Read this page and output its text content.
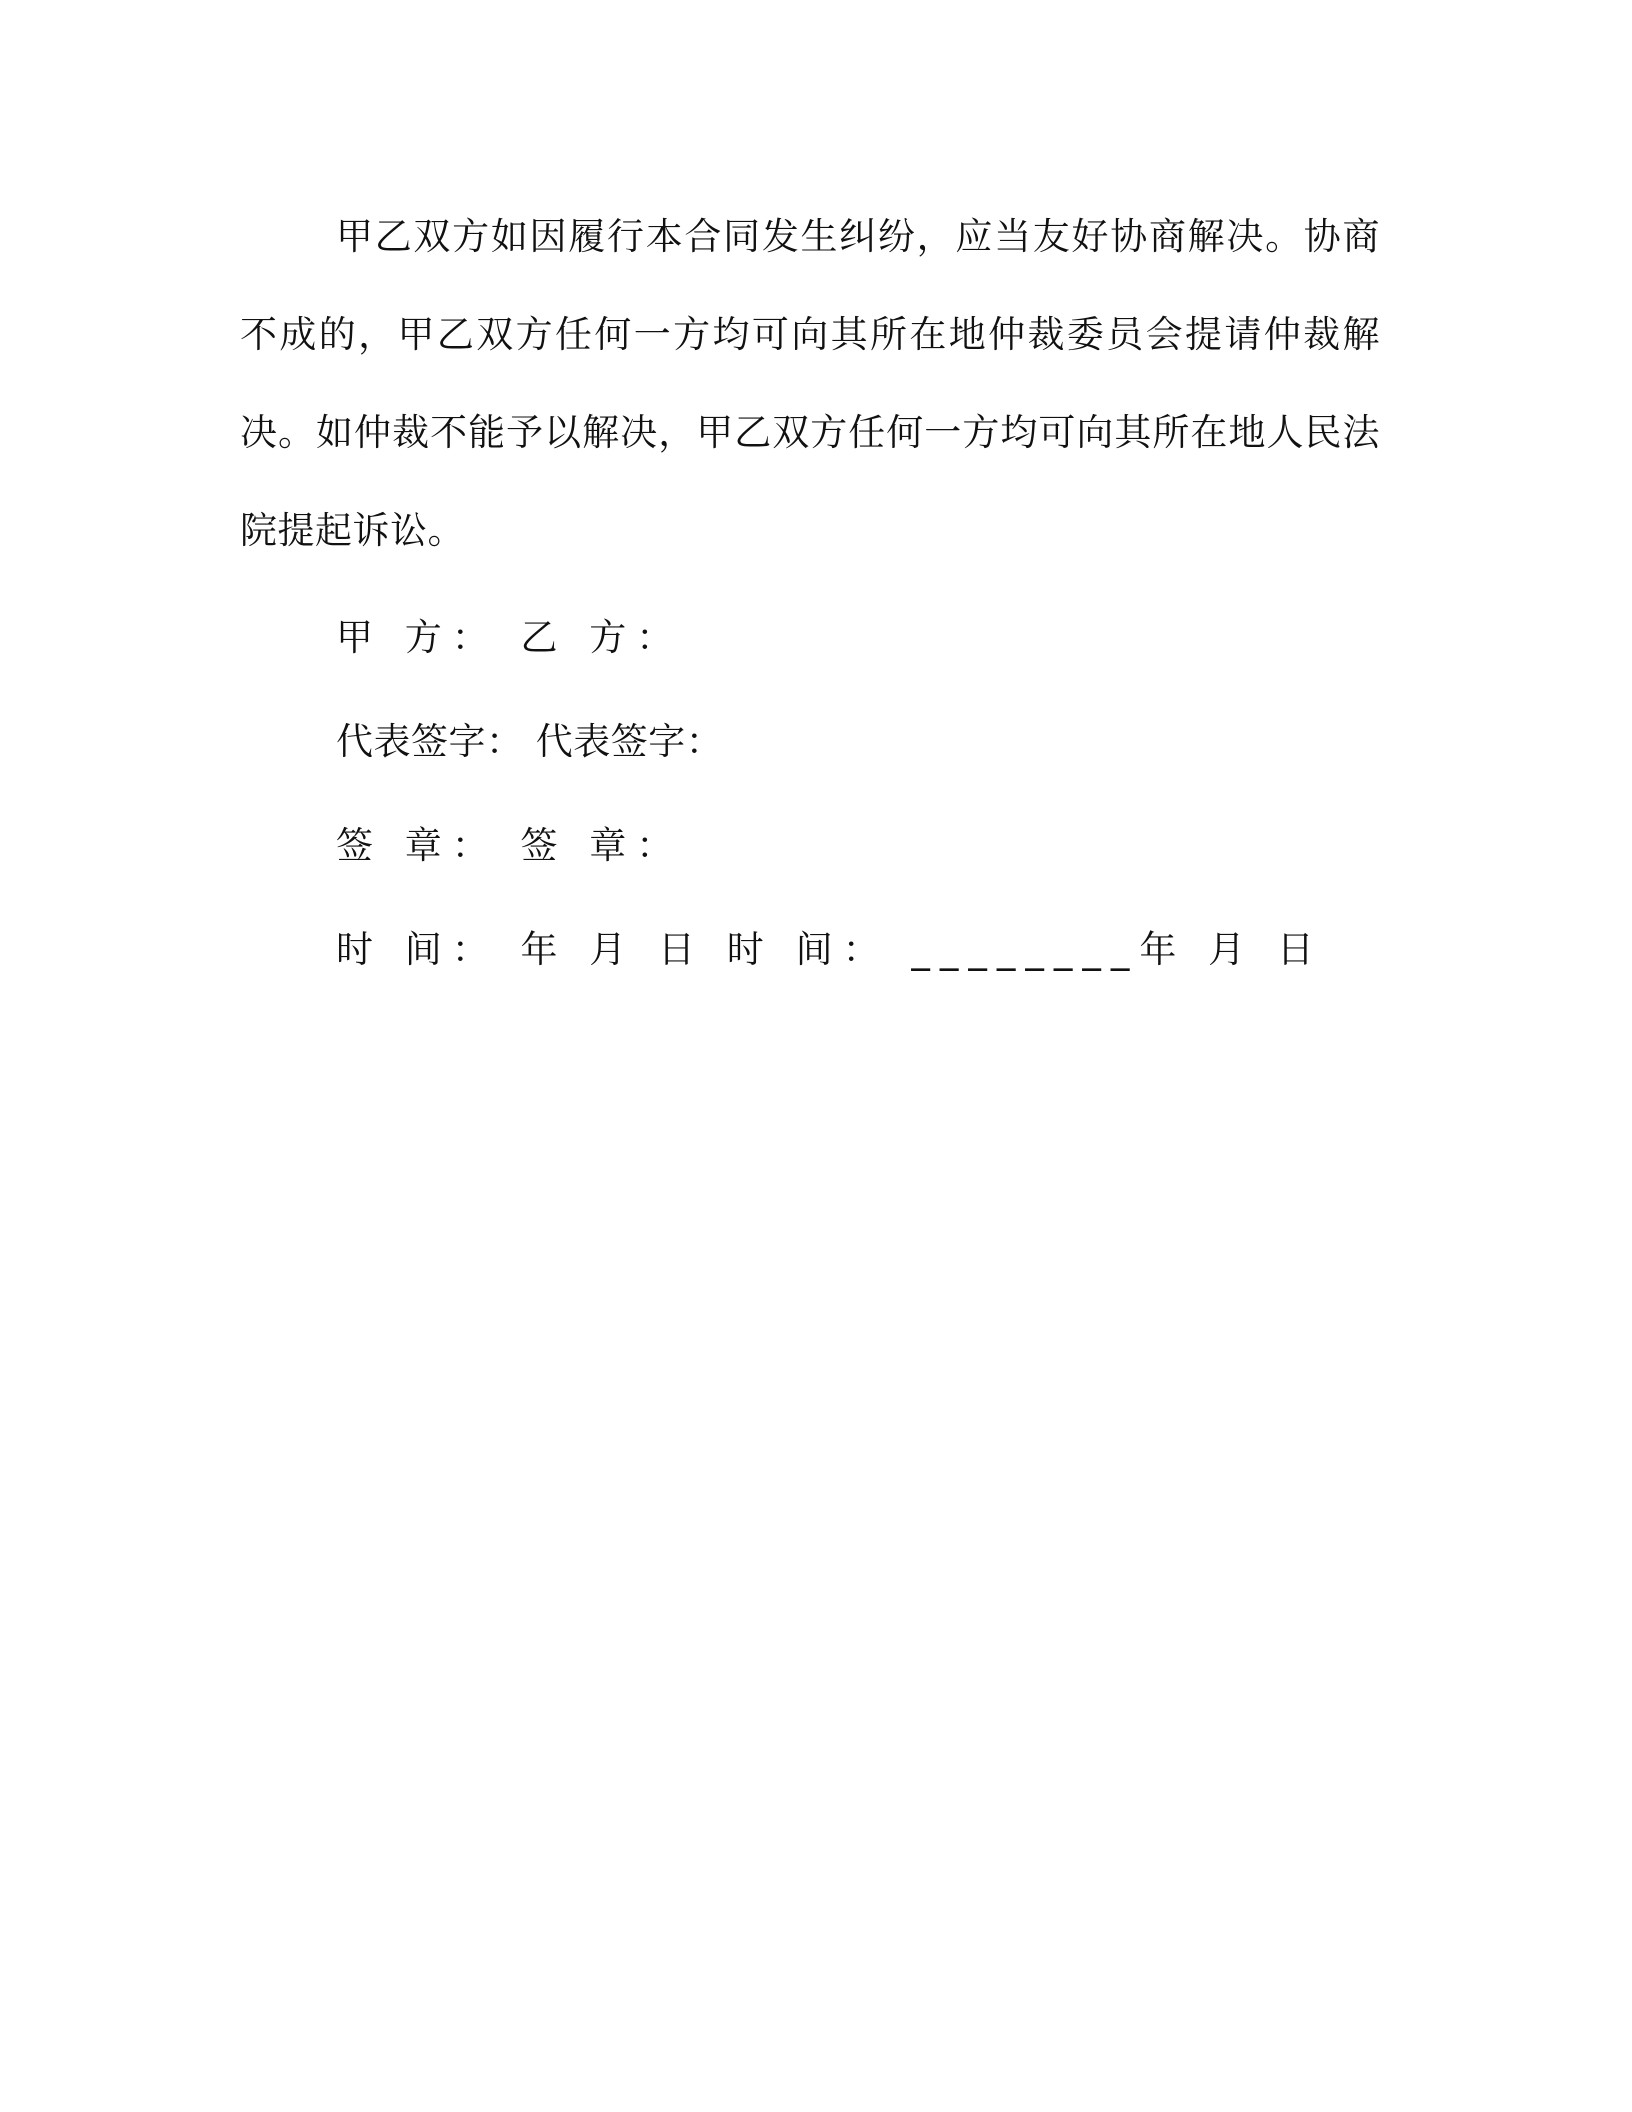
甲乙双方如因履行本合同发生纠纷，应当友好协商解决。协商不成的，甲乙双方任何一方均可向其所在地仲裁委员会提请仲裁解决。如仲裁不能予以解决，甲乙双方任何一方均可向其所在地人民法院提起诉讼。

甲 方： 乙 方：
代表签字： 代表签字：
签 章： 签 章：
时 间： 年 月 日 时 间： ________年 月 日
